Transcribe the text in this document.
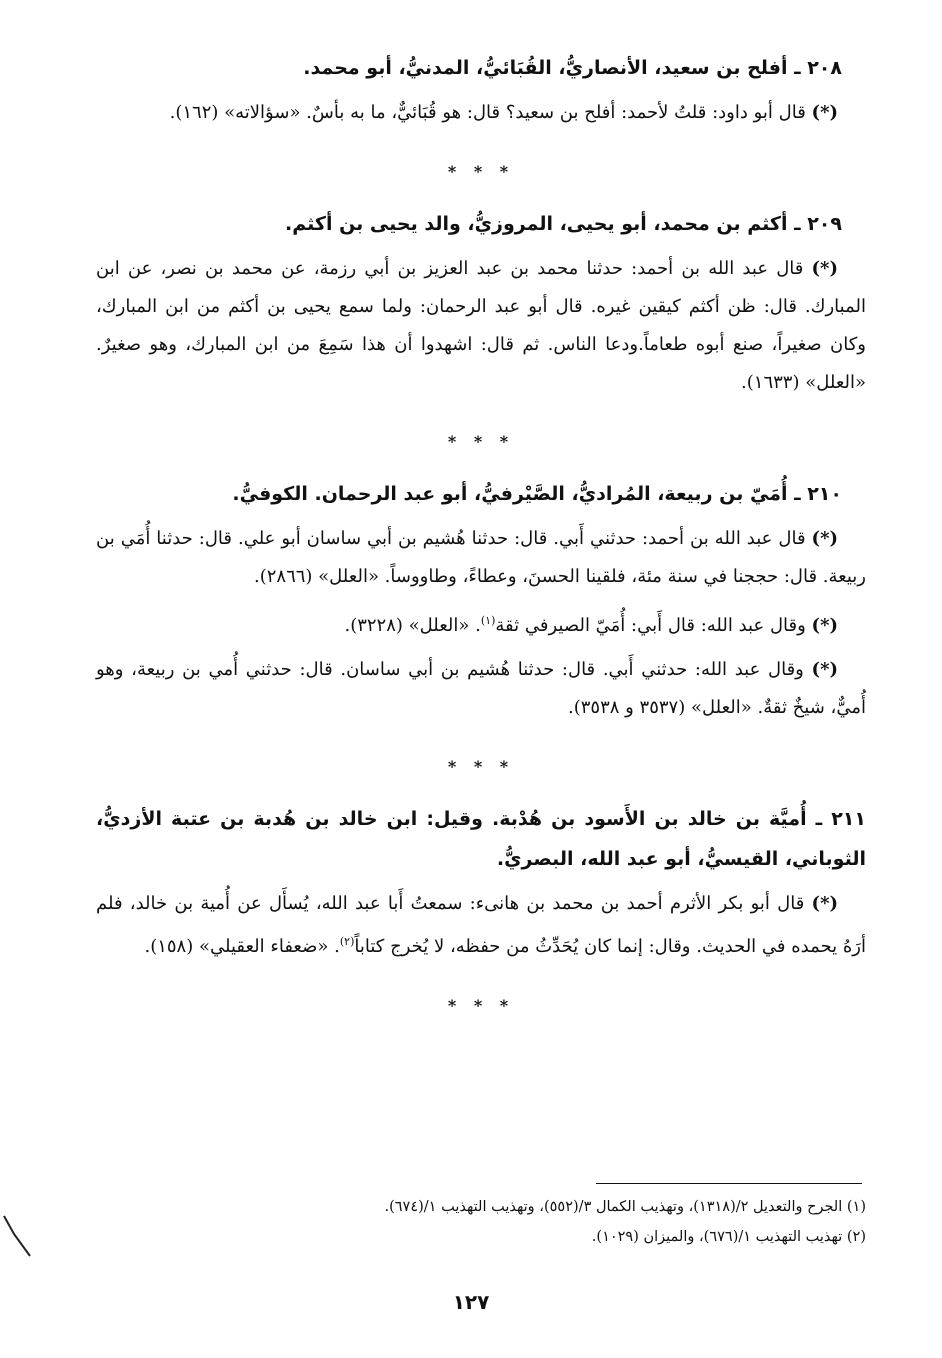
٢٠٨ ـ أفلح بن سعيد، الأنصاريُّ، القُبَائيُّ، المدنيُّ، أبو محمد.

(*) قال أبو داود: قلتُ لأحمد: أفلح بن سعيد؟ قال: هو قُبَائيٌّ، ما به بأسٌ. «سؤالاته» (١٦٢).

* * *
٢٠٩ ـ أكثم بن محمد، أبو يحيى، المروزيُّ، والد يحيى بن أكثم.

(*) قال عبد الله بن أحمد: حدثنا محمد بن عبد العزيز بن أبي رزمة، عن محمد بن نصر، عن ابن المبارك. قال: ظن أكثم كيقين غيره. قال أبو عبد الرحمان: ولما سمع يحيى بن أكثم من ابن المبارك، وكان صغيراً، صنع أبوه طعاماً.ودعا الناس. ثم قال: اشهدوا أن هذا سَمِعَ من ابن المبارك، وهو صغيرٌ. «العلل» (١٦٣٣).

* * *
٢١٠ ـ أُمَيّ بن ربيعة، المُراديُّ، الصَّيْرفيُّ، أبو عبد الرحمان. الكوفيُّ.

(*) قال عبد الله بن أحمد: حدثني أَبي. قال: حدثنا هُشيم بن أبي ساسان أبو علي. قال: حدثنا أُمَي بن ربيعة. قال: حججنا في سنة مئة، فلقينا الحسنَ، وعطاءً، وطاووساً. «العلل» (٢٨٦٦).

(*) وقال عبد الله: قال أَبي: أُمَيّ الصيرفي ثقة$^{(١)}$. «العلل» (٣٢٢٨).

(*) وقال عبد الله: حدثني أَبي. قال: حدثنا هُشيم بن أبي ساسان. قال: حدثني أُمي بن ربيعة، وهو أُميٌّ، شيخٌ ثقةٌ. «العلل» (٣٥٣٧ و ٣٥٣٨).

* * *
٢١١ ـ أُميَّة بن خالد بن الأَسود بن هُدْبة. وقيل: ابن خالد بن هُدبة بن عتبة الأزديُّ، الثوباني، القيسيُّ، أبو عبد الله، البصريُّ.

(*) قال أبو بكر الأثرم أحمد بن محمد بن هانىء: سمعتُ أَبا عبد الله، يُسأَل عن أُمية بن خالد، فلم أرَهُ يحمده في الحديث. وقال: إنما كان يُحَدِّثُ من حفظه، لا يُخرج كتاباً$^{(٢)}$. «ضعفاء العقيلي» (١٥٨).

* * *

(١) الجرح والتعديل ٢/(١٣١٨)، وتهذيب الكمال ٣/(٥٥٢)، وتهذيب التهذيب ١/(٦٧٤).

(٢) تهذيب التهذيب ١/(٦٧٦)، والميزان (١٠٢٩).

١٢٧
